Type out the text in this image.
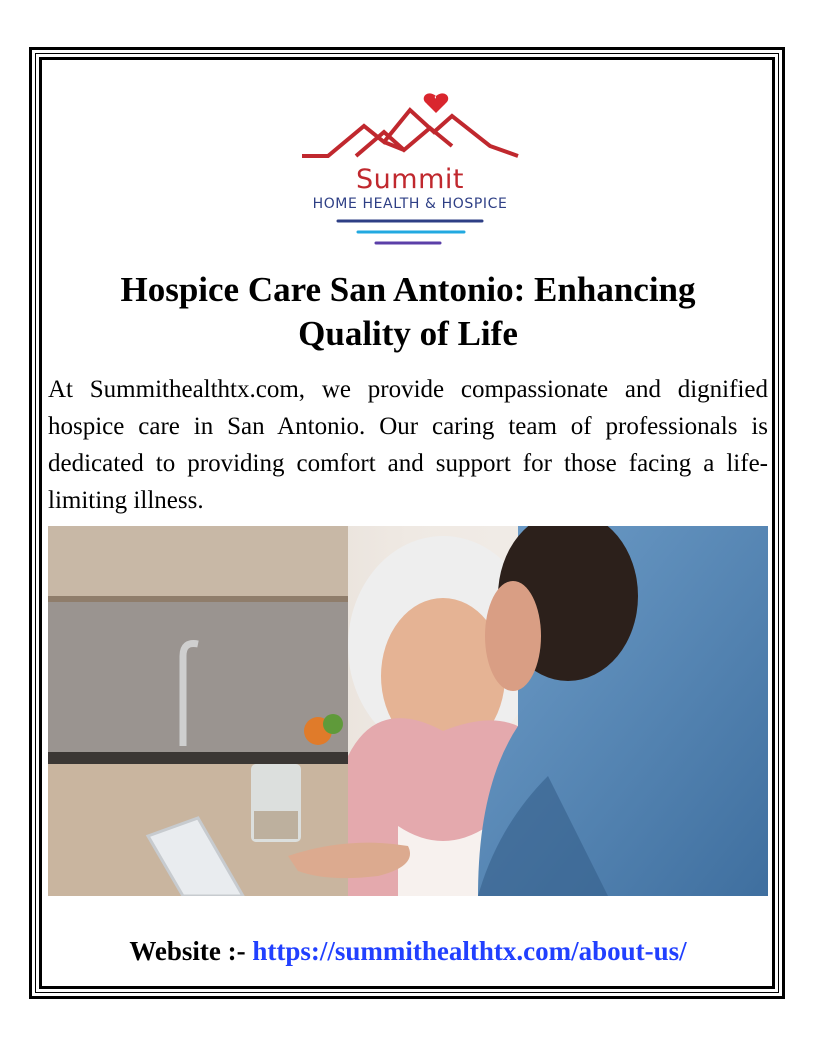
Summit
HOME HEALTH & HOSPICE
Hospice Care San Antonio: Enhancing Quality of Life

At Summithealthtx.com, we provide compassionate and dignified hospice care in San Antonio. Our caring team of professionals is dedicated to providing comfort and support for those facing a life-limiting illness.

Website :- https://summithealthtx.com/about-us/
